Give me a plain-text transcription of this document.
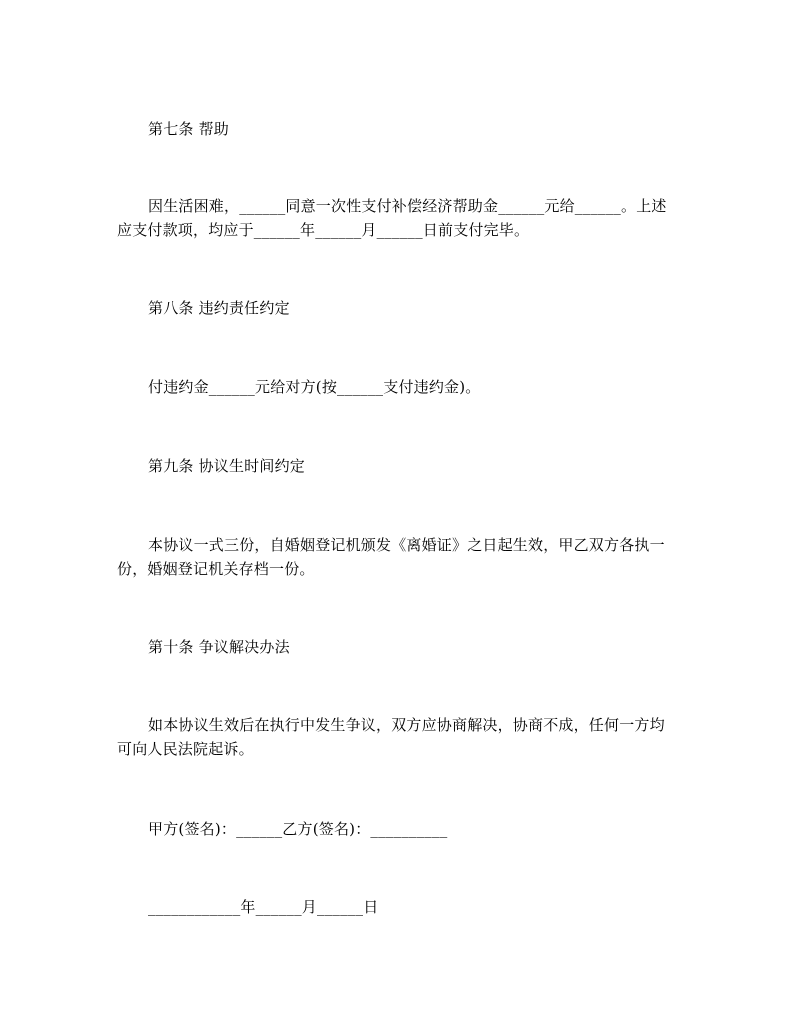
第七条 帮助
因生活困难，______同意一次性支付补偿经济帮助金______元给______。上述
应支付款项，均应于______年______月______日前支付完毕。
第八条 违约责任约定
付违约金______元给对方(按______支付违约金)。
第九条 协议生时间约定
本协议一式三份，自婚姻登记机颁发《离婚证》之日起生效，甲乙双方各执一
份，婚姻登记机关存档一份。
第十条 争议解决办法
如本协议生效后在执行中发生争议，双方应协商解决，协商不成，任何一方均
可向人民法院起诉。
甲方(签名)：______乙方(签名)：__________
____________年______月______日
